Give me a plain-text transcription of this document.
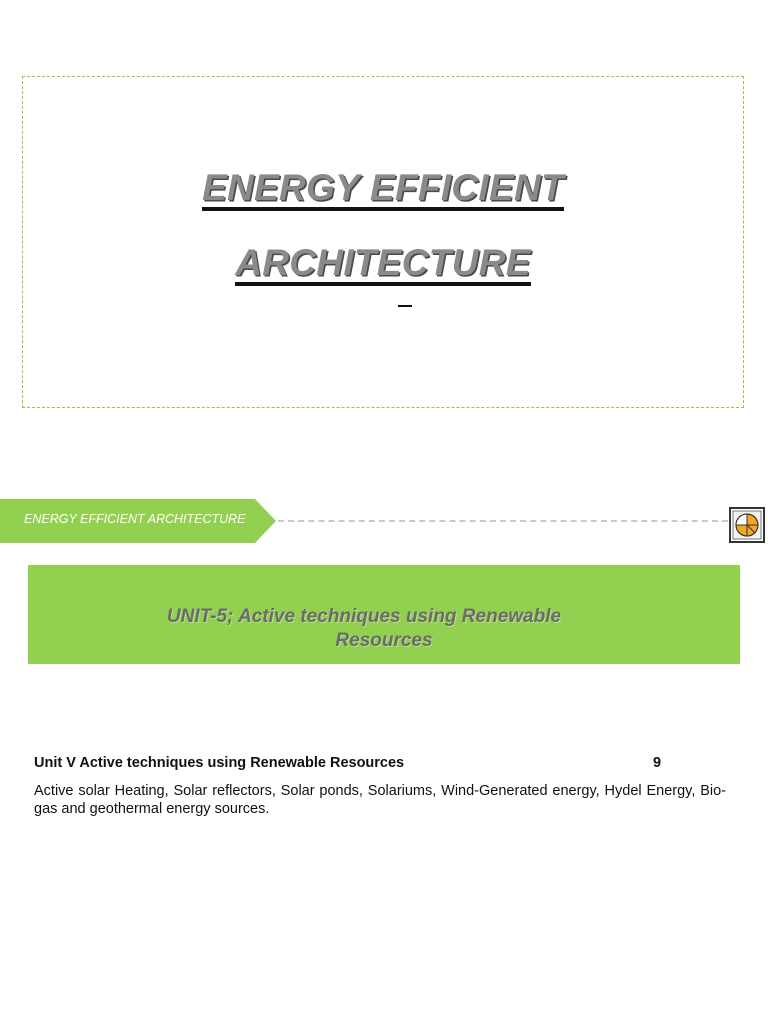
ENERGY EFFICIENT
ARCHITECTURE
ENERGY EFFICIENT ARCHITECTURE
UNIT-5; Active techniques using Renewable
Resources
Unit V Active techniques using Renewable Resources	9
Active solar Heating, Solar reflectors, Solar ponds, Solariums, Wind-Generated energy, Hydel Energy, Bio-gas and geothermal energy sources.
